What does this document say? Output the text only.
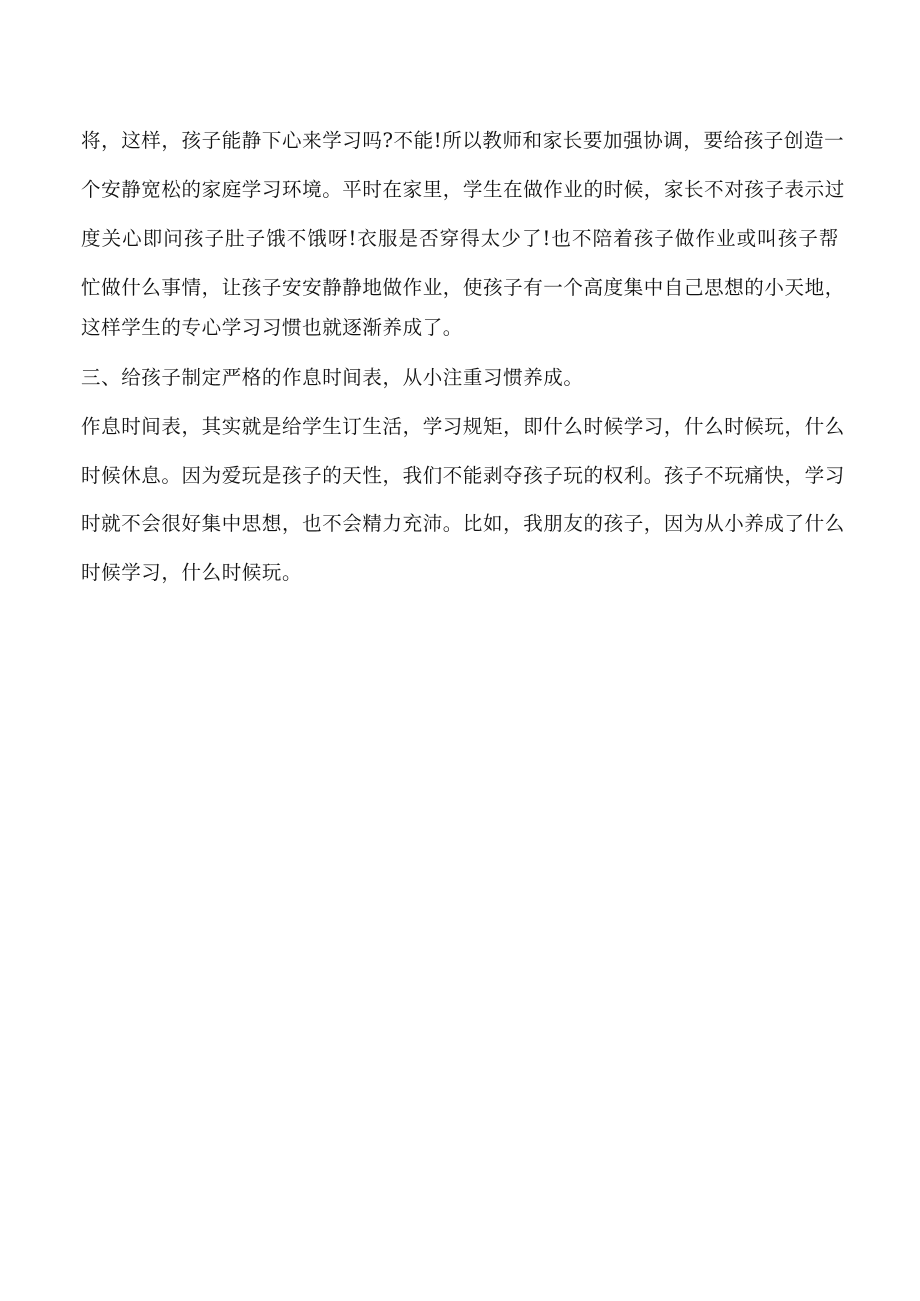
将，这样，孩子能静下心来学习吗?不能!所以教师和家长要加强协调，要给孩子创造一
个安静宽松的家庭学习环境。平时在家里，学生在做作业的时候，家长不对孩子表示过
度关心即问孩子肚子饿不饿呀!衣服是否穿得太少了!也不陪着孩子做作业或叫孩子帮
忙做什么事情，让孩子安安静静地做作业，使孩子有一个高度集中自己思想的小天地，
这样学生的专心学习习惯也就逐渐养成了。
三、给孩子制定严格的作息时间表，从小注重习惯养成。
作息时间表，其实就是给学生订生活，学习规矩，即什么时候学习，什么时候玩，什么
时候休息。因为爱玩是孩子的天性，我们不能剥夺孩子玩的权利。孩子不玩痛快，学习
时就不会很好集中思想，也不会精力充沛。比如，我朋友的孩子，因为从小养成了什么
时候学习，什么时候玩。
